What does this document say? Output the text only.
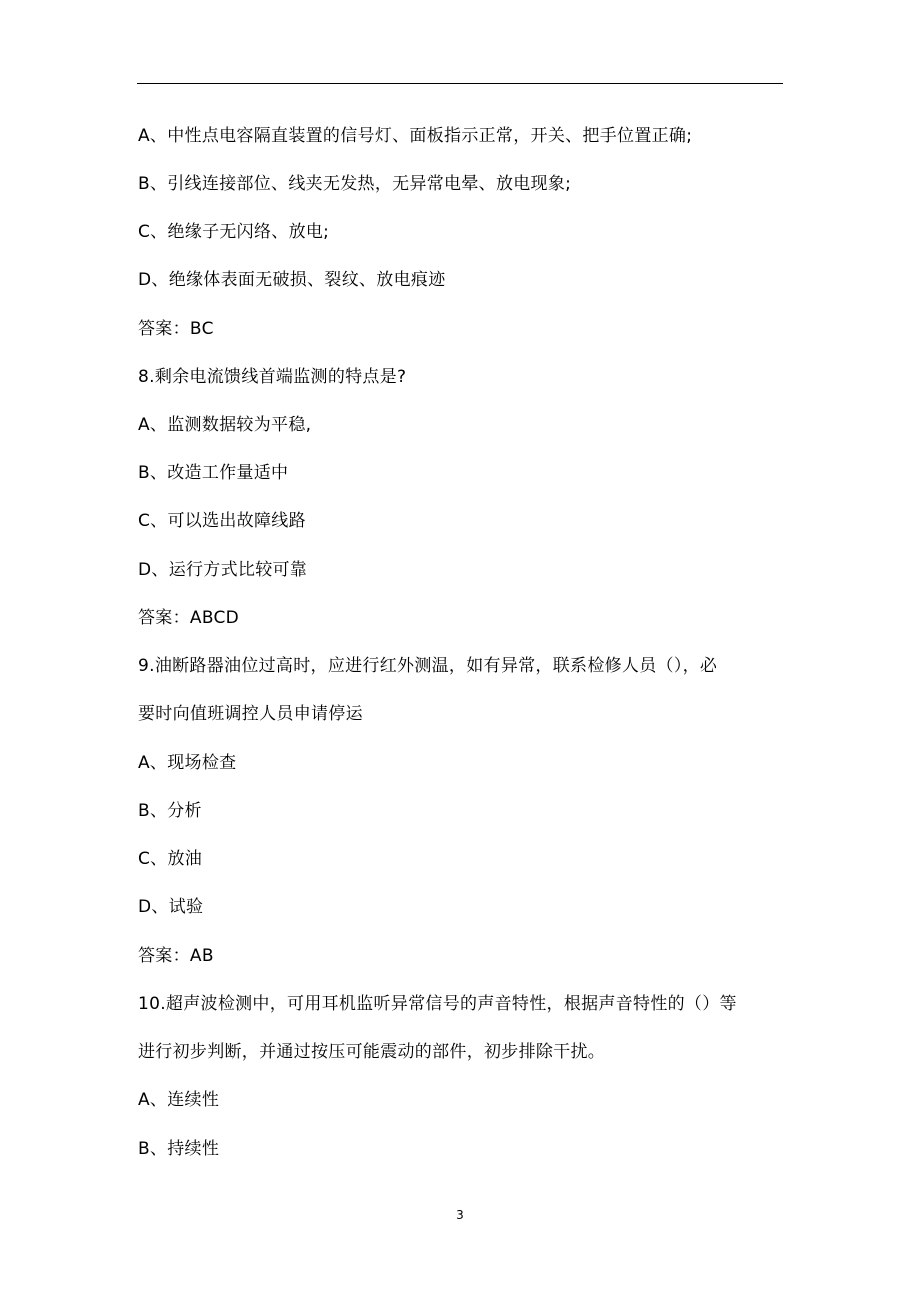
A、中性点电容隔直装置的信号灯、面板指示正常，开关、把手位置正确;
B、引线连接部位、线夹无发热，无异常电晕、放电现象;
C、绝缘子无闪络、放电;
D、绝缘体表面无破损、裂纹、放电痕迹
答案：BC
8.剩余电流馈线首端监测的特点是?
A、监测数据较为平稳,
B、改造工作量适中
C、可以选出故障线路
D、运行方式比较可靠
答案：ABCD
9.油断路器油位过高时，应进行红外测温，如有异常，联系检修人员（），必
要时向值班调控人员申请停运
A、现场检查
B、分析
C、放油
D、试验
答案：AB
10.超声波检测中，可用耳机监听异常信号的声音特性，根据声音特性的（）等
进行初步判断，并通过按压可能震动的部件，初步排除干扰。
A、连续性
B、持续性
3
